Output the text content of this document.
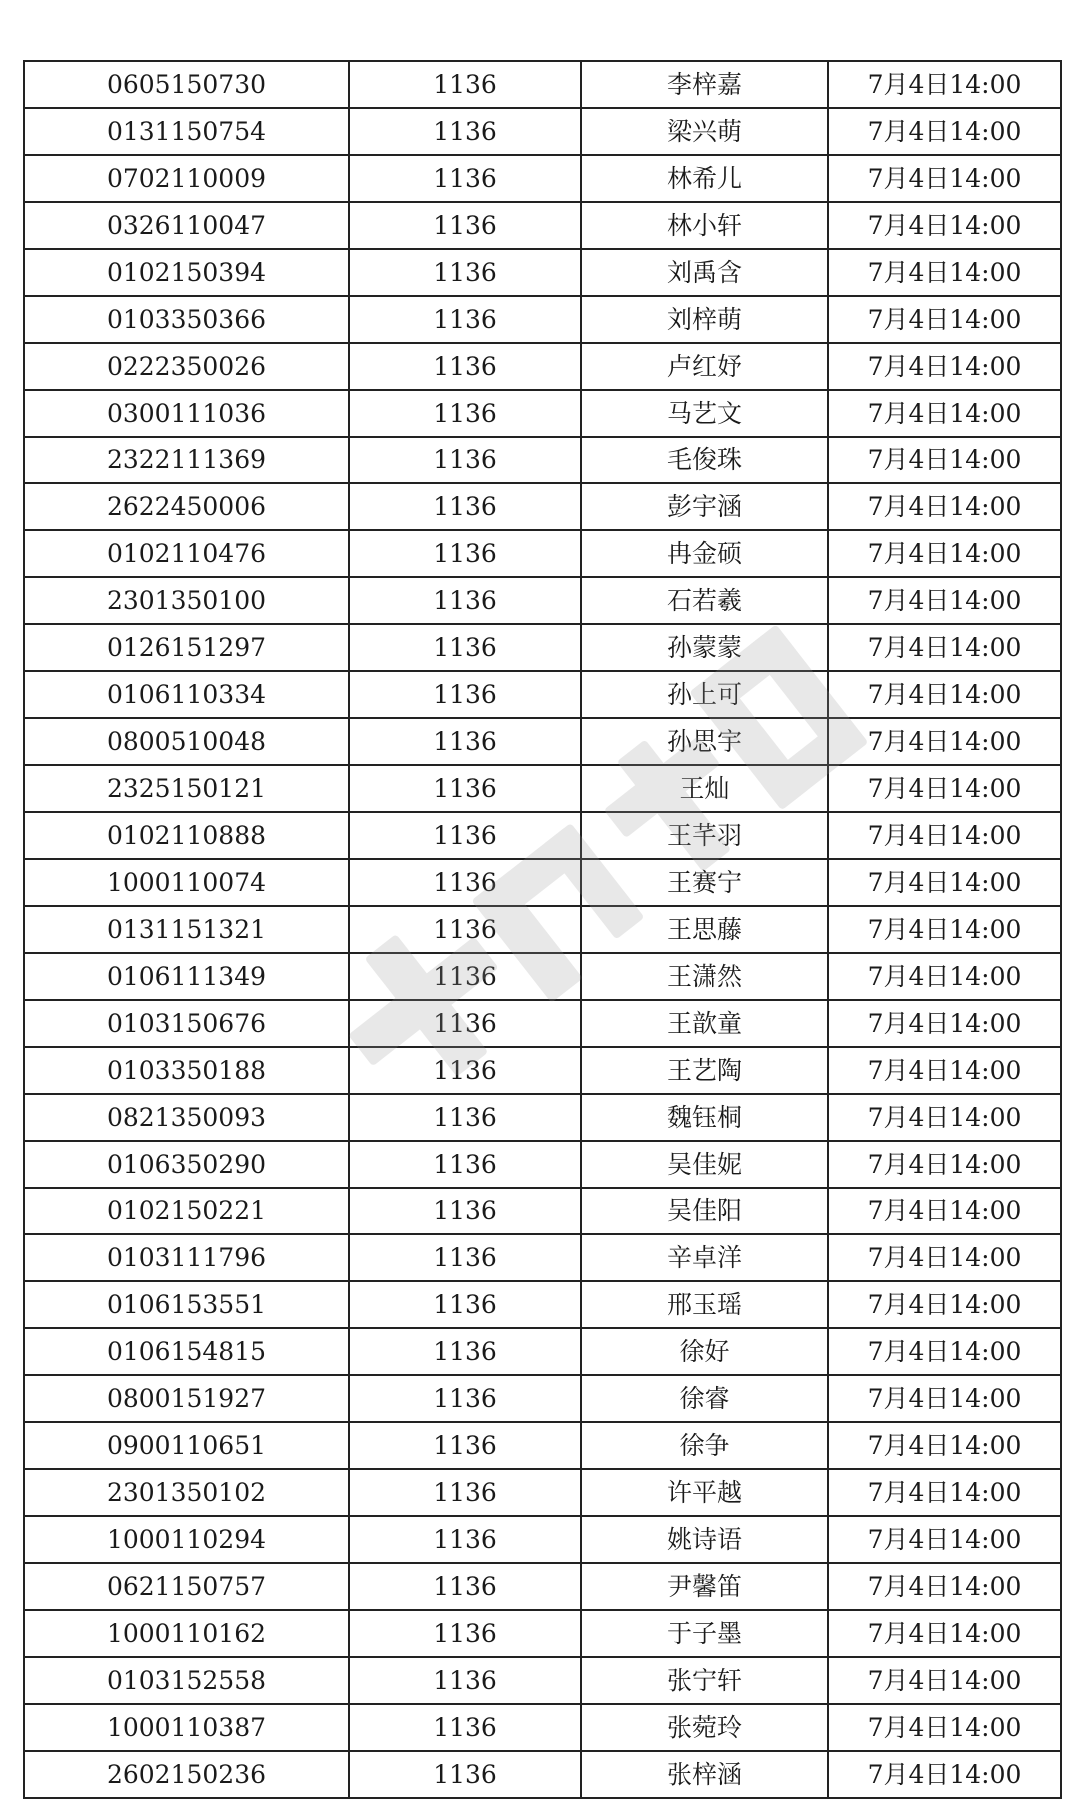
0605150730	1136	李梓嘉	7月4日14:00
0131150754	1136	梁兴萌	7月4日14:00
0702110009	1136	林希儿	7月4日14:00
0326110047	1136	林小轩	7月4日14:00
0102150394	1136	刘禹含	7月4日14:00
0103350366	1136	刘梓萌	7月4日14:00
0222350026	1136	卢红妤	7月4日14:00
0300111036	1136	马艺文	7月4日14:00
2322111369	1136	毛俊珠	7月4日14:00
2622450006	1136	彭宇涵	7月4日14:00
0102110476	1136	冉金硕	7月4日14:00
2301350100	1136	石若羲	7月4日14:00
0126151297	1136	孙蒙蒙	7月4日14:00
0106110334	1136	孙上可	7月4日14:00
0800510048	1136	孙思宇	7月4日14:00
2325150121	1136	王灿	7月4日14:00
0102110888	1136	王芊羽	7月4日14:00
1000110074	1136	王赛宁	7月4日14:00
0131151321	1136	王思藤	7月4日14:00
0106111349	1136	王潇然	7月4日14:00
0103150676	1136	王歆童	7月4日14:00
0103350188	1136	王艺陶	7月4日14:00
0821350093	1136	魏钰桐	7月4日14:00
0106350290	1136	吴佳妮	7月4日14:00
0102150221	1136	吴佳阳	7月4日14:00
0103111796	1136	辛卓洋	7月4日14:00
0106153551	1136	邢玉瑶	7月4日14:00
0106154815	1136	徐好	7月4日14:00
0800151927	1136	徐睿	7月4日14:00
0900110651	1136	徐争	7月4日14:00
2301350102	1136	许平越	7月4日14:00
1000110294	1136	姚诗语	7月4日14:00
0621150757	1136	尹馨笛	7月4日14:00
1000110162	1136	于子墨	7月4日14:00
0103152558	1136	张宁轩	7月4日14:00
1000110387	1136	张菀玲	7月4日14:00
2602150236	1136	张梓涵	7月4日14:00
